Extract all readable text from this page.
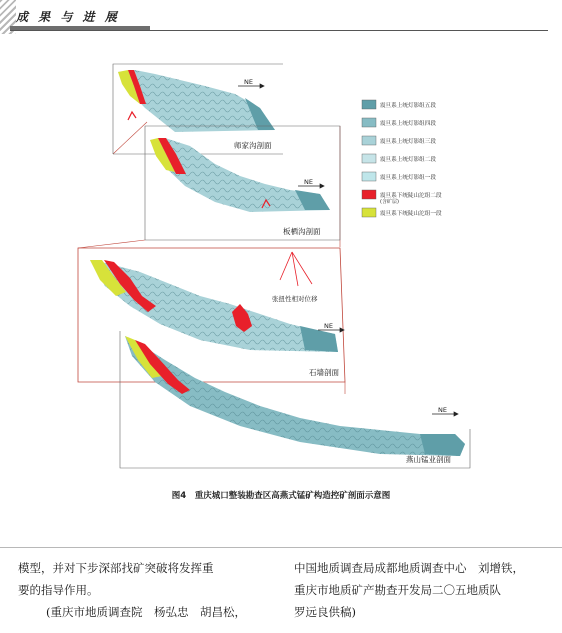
成 果 与 进 展
NE
NE
NE
NE
师家沟剖面
板栖沟剖面
石墙剖面
燕山锰业剖面
张扭性相对位移
震旦系上统灯影组五段
震旦系上统灯影组四段
震旦系上统灯影组三段
震旦系上统灯影组二段
震旦系上统灯影组一段
震旦系下统陡山沱组二段
(含矿层)
震旦系下统陡山沱组一段
图4　重庆城口整装勘查区高燕式锰矿构造控矿剖面示意图

模型，并对下步深部找矿突破将发挥重

要的指导作用。

(重庆市地质调查院　杨弘忠　胡昌松，

中国地质调查局成都地质调查中心　刘增铁，

重庆市地质矿产勘查开发局二〇五地质队

罗远良供稿)
